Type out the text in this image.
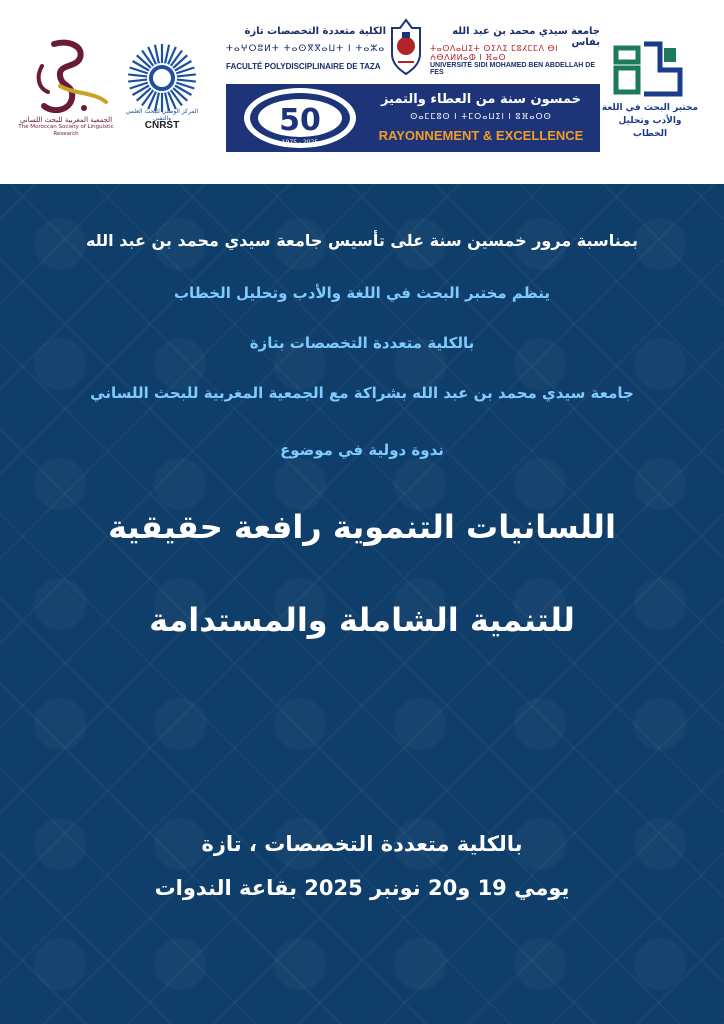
الجمعية المغربية للبحث اللساني
The Moroccan Society of Linguistic Research
المركز الوطني للبحث العلمي والتقني
CNRST
الكلية متعددة التخصصات تازة
ⵜⴰⵖⵔⵓⵍⵜ ⵜⴰⵙⴳⴳⴰⵡⵜ ⵏ ⵜⴰⵣⴰ
FACULTÉ POLYDISCIPLINAIRE DE TAZA
جامعة سيدي محمد بن عبد الله بفاس
ⵜⴰⵙⴷⴰⵡⵉⵜ ⵙⵉⴷⵉ ⵎⵓⵃⵎⵎⴷ ⴱⵏ ⵄⴱⴷⵍⵍⴰⵀ ⵏ ⴼⴰⵙ
UNIVERSITÉ SIDI MOHAMED BEN ABDELLAH DE FES
50
1975 - 2025
خمسون سنة من العطاء والتميز
ⵙⴰⵎⵎⵓⵙ ⵏ ⵜⵎⵔⴰⵡⵉⵏ ⵏ ⵓⴼⴰⵔⵙ
RAYONNEMENT & EXCELLENCE
مختبر البحث في اللغة
والأدب وتحليل الخطاب
بمناسبة مرور خمسين سنة على تأسيس جامعة سيدي محمد بن عبد الله
ينظم مختبر البحث في اللغة والأدب وتحليل الخطاب
بالكلية متعددة التخصصات بتازة
جامعة سيدي محمد بن عبد الله بشراكة مع الجمعية المغربية للبحث اللساني
ندوة دولية في موضوع
اللسانيات التنموية رافعة حقيقية
للتنمية الشاملة والمستدامة
بالكلية متعددة التخصصات ، تازة
يومي 19 و20 نونبر 2025 بقاعة الندوات
